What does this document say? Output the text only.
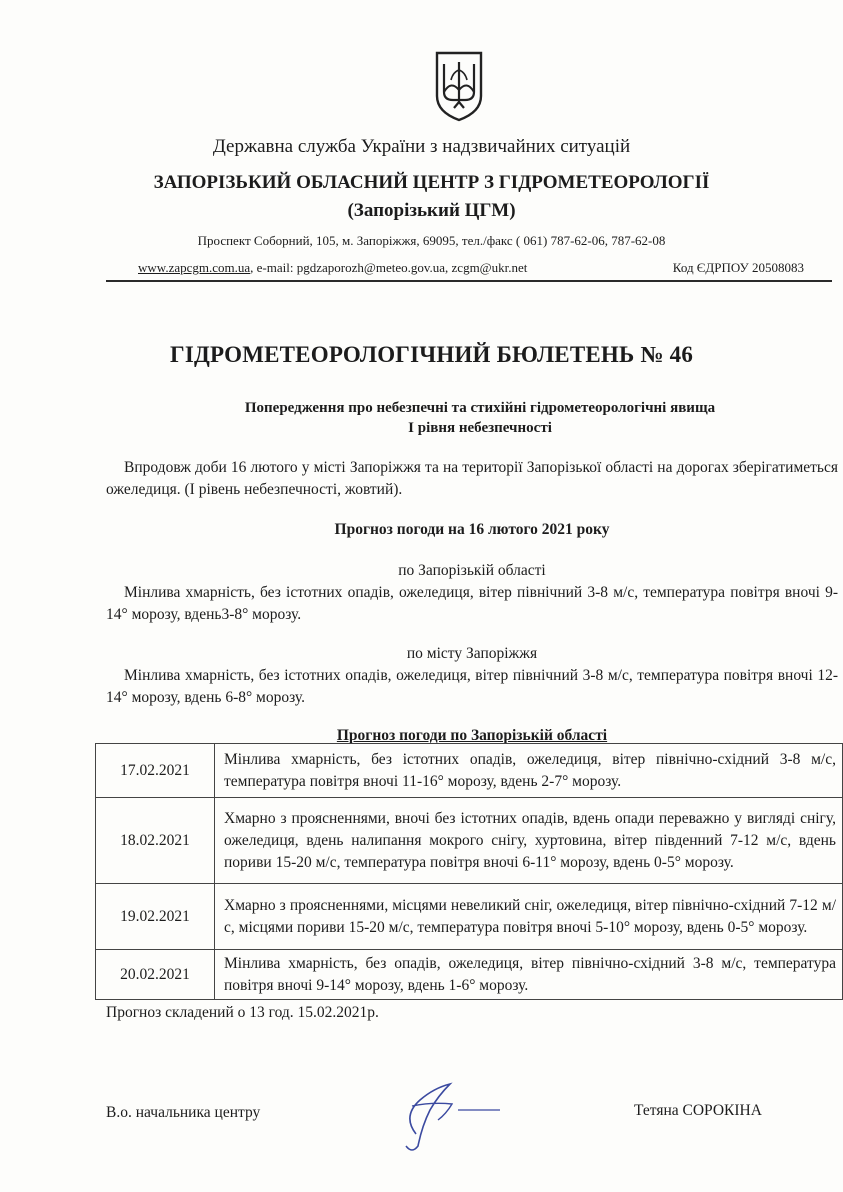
Державна служба України з надзвичайних ситуацій
ЗАПОРІЗЬКИЙ ОБЛАСНИЙ ЦЕНТР З ГІДРОМЕТЕОРОЛОГІЇ
(Запорізький ЦГМ)
Проспект Соборний, 105, м. Запоріжжя, 69095, тел./факс ( 061) 787-62-06, 787-62-08
www.zapcgm.com.ua, e-mail: pgdzaporozh@meteo.gov.ua, zcgm@ukr.net	Код ЄДРПОУ 20508083
ГІДРОМЕТЕОРОЛОГІЧНИЙ БЮЛЕТЕНЬ № 46
Попередження про небезпечні та стихійні гідрометеорологічні явища
І рівня небезпечності
Впродовж доби 16 лютого у місті Запоріжжя та на території Запорізької області на дорогах зберігатиметься ожеледиця. (І рівень небезпечності, жовтий).
Прогноз погоди на 16 лютого 2021 року
по Запорізькій області
Мінлива хмарність, без істотних опадів, ожеледиця, вітер північний 3-8 м/с, температура повітря вночі 9-14° морозу, вдень3-8° морозу.
по місту Запоріжжя
Мінлива хмарність, без істотних опадів, ожеледиця, вітер північний 3-8 м/с, температура повітря вночі 12-14° морозу, вдень 6-8° морозу.
Прогноз погоди по Запорізькій області
17.02.2021	Мінлива хмарність, без істотних опадів, ожеледиця, вітер північно-східний 3-8 м/с, температура повітря вночі 11-16° морозу, вдень 2-7° морозу.
18.02.2021	Хмарно з проясненнями, вночі без істотних опадів, вдень опади переважно у вигляді снігу, ожеледиця, вдень налипання мокрого снігу, хуртовина, вітер південний 7-12 м/с, вдень пориви 15-20 м/с, температура повітря вночі 6-11° морозу, вдень 0-5° морозу.
19.02.2021	Хмарно з проясненнями, місцями невеликий сніг, ожеледиця, вітер північно-східний 7-12 м/с, місцями пориви 15-20 м/с, температура повітря вночі 5-10° морозу, вдень 0-5° морозу.
20.02.2021	Мінлива хмарність, без опадів, ожеледиця, вітер північно-східний 3-8 м/с, температура повітря вночі 9-14° морозу, вдень 1-6° морозу.
Прогноз складений о 13 год. 15.02.2021р.
В.о. начальника центру	Тетяна СОРОКІНА
